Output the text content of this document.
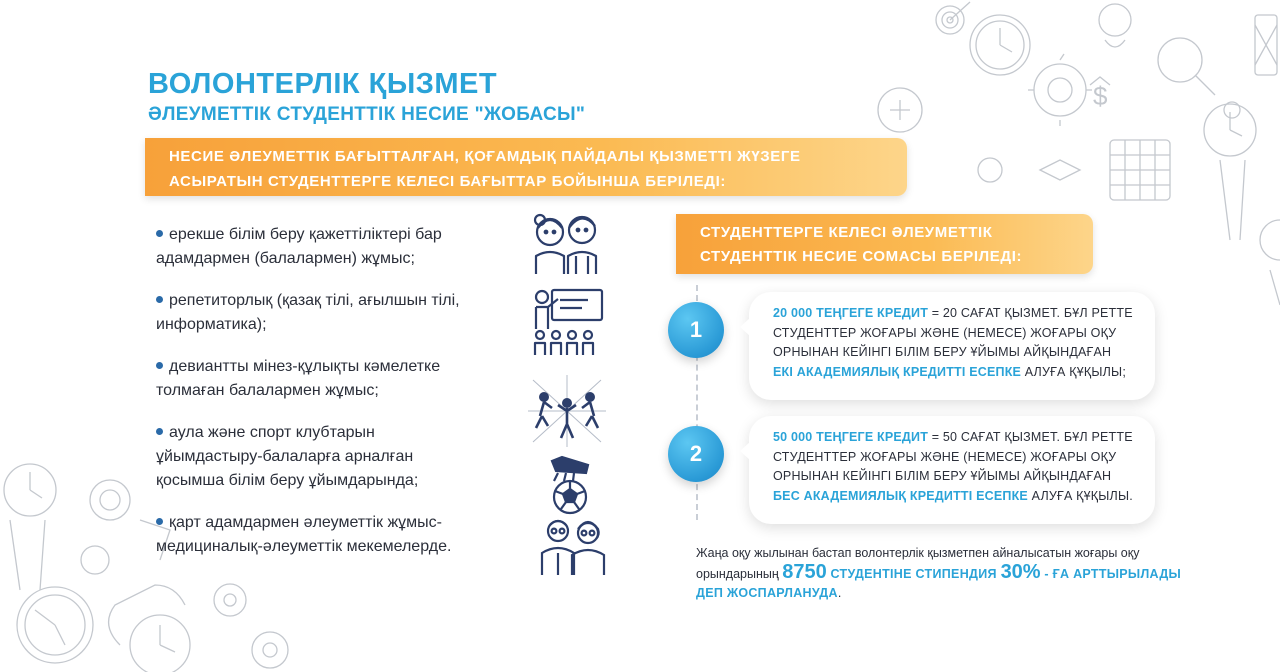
$
ВОЛОНТЕРЛІК ҚЫЗМЕТ
ӘЛЕУМЕТТІК СТУДЕНТТІК НЕСИЕ "ЖОБАСЫ"
НЕСИЕ ӘЛЕУМЕТТІК БАҒЫТТАЛҒАН, ҚОҒАМДЫҚ ПАЙДАЛЫ ҚЫЗМЕТТІ ЖҮЗЕГЕ
АСЫРАТЫН СТУДЕНТТЕРГЕ КЕЛЕСІ БАҒЫТТАР БОЙЫНША БЕРІЛЕДІ:
ерекше білім беру қажеттіліктері бар
адамдармен (балалармен) жұмыс;
репетиторлық (қазақ тілі, ағылшын тілі,
информатика);
девиантты мінез-құлықты кәмелетке
толмаған балалармен жұмыс;
аула және спорт клубтарын
ұйымдастыру-балаларға арналған
қосымша білім беру ұйымдарында;
қарт адамдармен әлеуметтік жұмыс-
медициналық-әлеуметтік мекемелерде.
СТУДЕНТТЕРГЕ КЕЛЕСІ ӘЛЕУМЕТТІК
СТУДЕНТТІК НЕСИЕ СОМАСЫ БЕРІЛЕДІ:
1
20 000 ТЕҢГЕГЕ КРЕДИТ = 20 САҒАТ ҚЫЗМЕТ. БҰЛ РЕТТЕ
СТУДЕНТТЕР ЖОҒАРЫ ЖӘНЕ (НЕМЕСЕ) ЖОҒАРЫ ОҚУ
ОРНЫНАН КЕЙІНГІ БІЛІМ БЕРУ ҰЙЫМЫ АЙҚЫНДАҒАН
ЕКІ АКАДЕМИЯЛЫҚ КРЕДИТТІ ЕСЕПКЕ АЛУҒА ҚҰҚЫЛЫ;
2
50 000 ТЕҢГЕГЕ КРЕДИТ = 50 САҒАТ ҚЫЗМЕТ. БҰЛ РЕТТЕ
СТУДЕНТТЕР ЖОҒАРЫ ЖӘНЕ (НЕМЕСЕ) ЖОҒАРЫ ОҚУ
ОРНЫНАН КЕЙІНГІ БІЛІМ БЕРУ ҰЙЫМЫ АЙҚЫНДАҒАН
БЕС АКАДЕМИЯЛЫҚ КРЕДИТТІ ЕСЕПКЕ АЛУҒА ҚҰҚЫЛЫ.
Жаңа оқу жылынан бастап волонтерлік қызметпен айналысатын жоғары оқу
орындарының 8750 СТУДЕНТІНЕ СТИПЕНДИЯ 30% - ҒА АРТТЫРЫЛАДЫ
ДЕП ЖОСПАРЛАНУДА.
